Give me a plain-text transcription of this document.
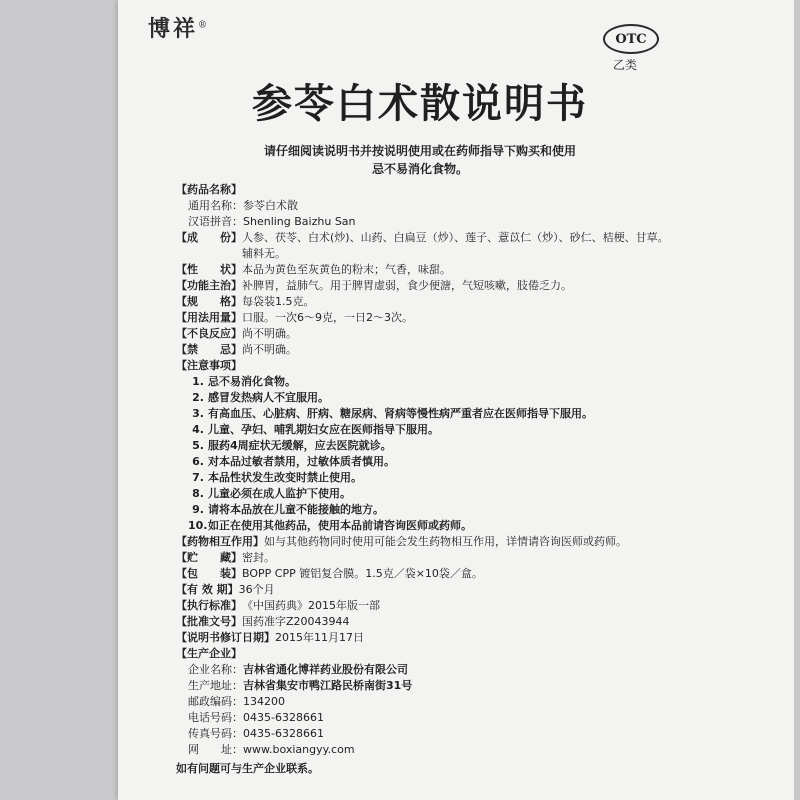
博祥®
OTC
乙类
参苓白术散说明书
请仔细阅读说明书并按说明使用或在药师指导下购买和使用
忌不易消化食物。
【药品名称】
通用名称： 参苓白术散
汉语拼音： Shenling Baizhu San
【成　　份】 人参、茯苓、白术(炒)、山药、白扁豆（炒）、莲子、薏苡仁（炒）、砂仁、桔梗、甘草。辅料无。
【性　　状】 本品为黄色至灰黄色的粉末；气香，味甜。
【功能主治】 补脾胃，益肺气。用于脾胃虚弱，食少便溏，气短咳嗽，肢倦乏力。
【规　　格】 每袋装1.5克。
【用法用量】 口服。一次6～9克，一日2～3次。
【不良反应】 尚不明确。
【禁　　忌】 尚不明确。
【注意事项】
1. 忌不易消化食物。
2. 感冒发热病人不宜服用。
3. 有高血压、心脏病、肝病、糖尿病、肾病等慢性病严重者应在医师指导下服用。
4. 儿童、孕妇、哺乳期妇女应在医师指导下服用。
5. 服药4周症状无缓解，应去医院就诊。
6. 对本品过敏者禁用，过敏体质者慎用。
7. 本品性状发生改变时禁止使用。
8. 儿童必须在成人监护下使用。
9. 请将本品放在儿童不能接触的地方。
10. 如正在使用其他药品，使用本品前请咨询医师或药师。
【药物相互作用】 如与其他药物同时使用可能会发生药物相互作用，详情请咨询医师或药师。
【贮　　藏】 密封。
【包　　装】 BOPP CPP 镀铝复合膜。1.5克／袋×10袋／盒。
【有 效 期】 36个月
【执行标准】 《中国药典》2015年版一部
【批准文号】 国药准字Z20043944
【说明书修订日期】 2015年11月17日
【生产企业】
企业名称： 吉林省通化博祥药业股份有限公司
生产地址： 吉林省集安市鸭江路民桥南街31号
邮政编码： 134200
电话号码： 0435-6328661
传真号码： 0435-6328661
网　　址： www.boxiangyy.com
如有问题可与生产企业联系。
